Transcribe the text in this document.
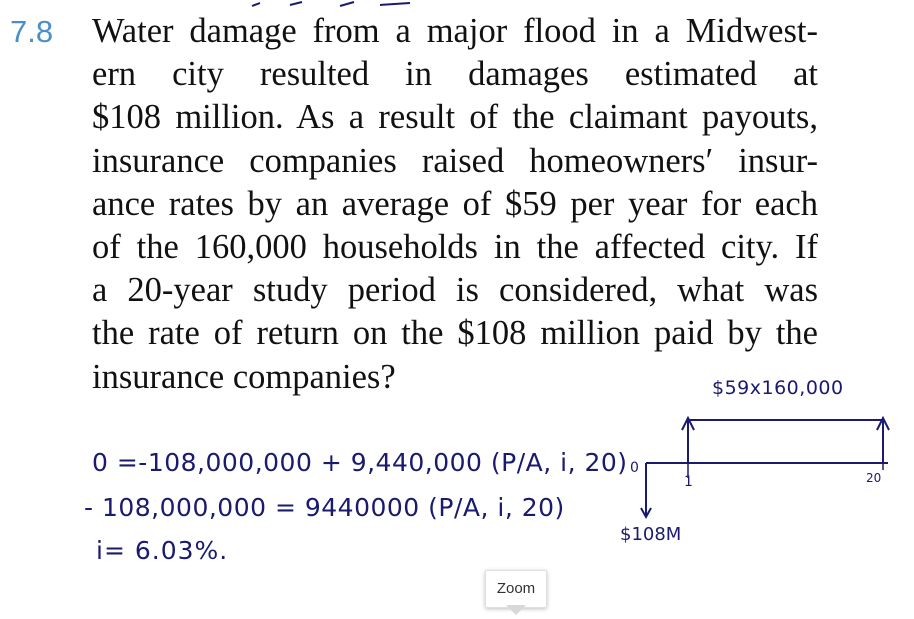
7.8 Water damage from a major flood in a Midwest-
ern city resulted in damages estimated at
$108 million. As a result of the claimant payouts,
insurance companies raised homeowners′ insur-
ance rates by an average of $59 per year for each
of the 160,000 households in the affected city. If
a 20-year study period is considered, what was
the rate of return on the $108 million paid by the
insurance companies?	$59x160,000
0
1	20
$108M
0 =-108,000,000 + 9,440,000 (P/A, i, 20)
- 108,000,000 = 9440000 (P/A, i, 20)
i= 6.03%.
Zoom
